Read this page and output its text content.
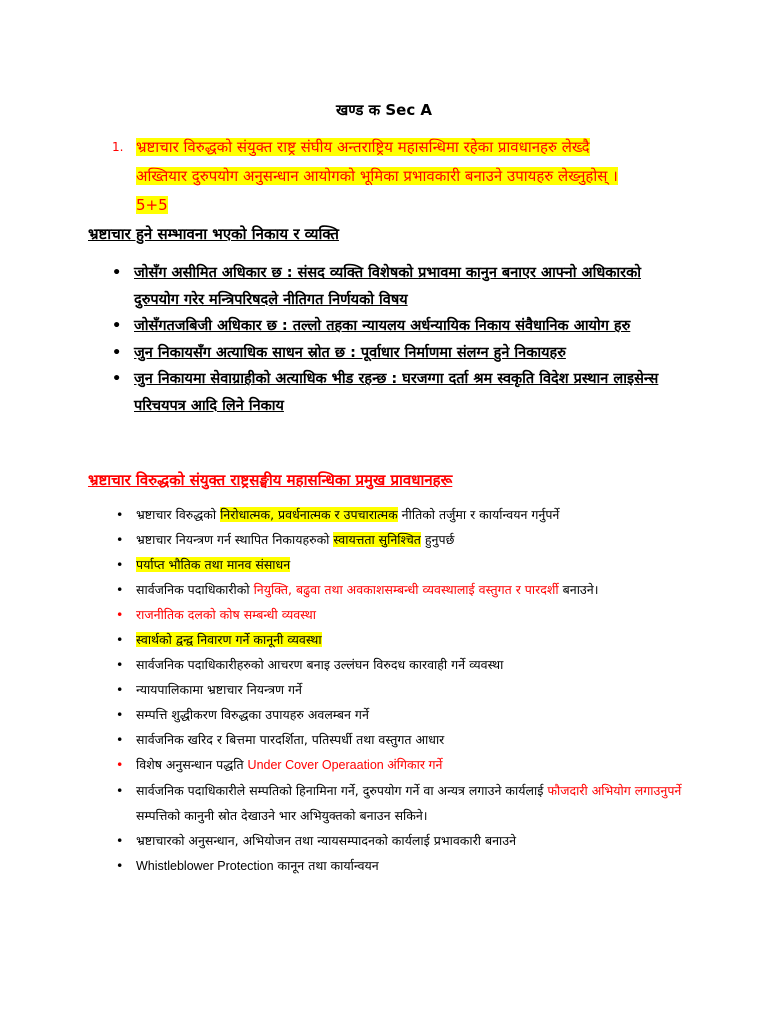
खण्ड क Sec A
1. भ्रष्टाचार विरुद्धको संयुक्त राष्ट्र संघीय अन्तराष्ट्रिय महासन्धिमा रहेका प्रावधानहरु लेख्दै
अख्तियार दुरुपयोग अनुसन्धान आयोगको भूमिका प्रभावकारी बनाउने उपायहरु लेख्नुहोस् ।
5+5
भ्रष्टाचार हुने सम्भावना भएको निकाय र व्यक्ति
• जोसँग असीमित अधिकार छ : संसद व्यक्ति विशेषको प्रभावमा कानुन बनाएर आफ्नो अधिकारको दुरुपयोग गरेर मन्त्रिपरिषदले नीतिगत निर्णयको विषय
• जोसँगतजबिजी अधिकार छ : तल्लो तहका न्यायलय अर्धन्यायिक निकाय संवैधानिक आयोग हरु
• जुन निकायसँग अत्याधिक साधन स्रोत छ : पूर्वाधार निर्माणमा संलग्न हुने निकायहरु
• जुन निकायमा सेवाग्राहीको अत्याधिक भीड रहन्छ : घरजग्गा दर्ता श्रम स्वकृति विदेश प्रस्थान लाइसेन्स परिचयपत्र आदि लिने निकाय
भ्रष्टाचार विरुद्धको संयुक्त राष्ट्रसङ्घीय महासन्धिका प्रमुख प्रावधानहरू
• भ्रष्टाचार विरुद्धको निरोधात्मक, प्रवर्धनात्मक र उपचारात्मक नीतिको तर्जुमा र कार्यान्वयन गर्नुपर्ने
• भ्रष्टाचार नियन्त्रण गर्न स्थापित निकायहरुको स्वायत्तता सुनिश्चित हुनुपर्छ
• पर्याप्त भौतिक तथा मानव संसाधन
• सार्वजनिक पदाधिकारीको नियुक्ति, बढुवा तथा अवकाशसम्बन्धी व्यवस्थालाई वस्तुगत र पारदर्शी बनाउने।
• राजनीतिक दलको कोष सम्बन्धी व्यवस्था
• स्वार्थको द्वन्द्व निवारण गर्ने कानूनी व्यवस्था
• सार्वजनिक पदाधिकारीहरुको आचरण बनाइ उल्लंघन विरुदध कारवाही गर्ने व्यवस्था
• न्यायपालिकामा भ्रष्टाचार नियन्त्रण गर्ने
• सम्पत्ति शुद्धीकरण विरुद्धका उपायहरु अवलम्बन गर्ने
• सार्वजनिक खरिद र बित्तमा पारदर्शिता, पतिस्पर्धी तथा वस्तुगत आधार
• विशेष अनुसन्धान पद्धति Under Cover Operaation अंगिकार गर्ने
• सार्वजनिक पदाधिकारीले सम्पतिको हिनामिना गर्ने, दुरुपयोग गर्ने वा अन्यत्र लगाउने कार्यलाई फौजदारी अभियोग लगाउनुपर्ने सम्पत्तिको कानुनी स्रोत देखाउने भार अभियुक्तको बनाउन सकिने।
• भ्रष्टाचारको अनुसन्धान, अभियोजन तथा न्यायसम्पादनको कार्यलाई प्रभावकारी बनाउने
• Whistleblower Protection कानून तथा कार्यान्वयन
